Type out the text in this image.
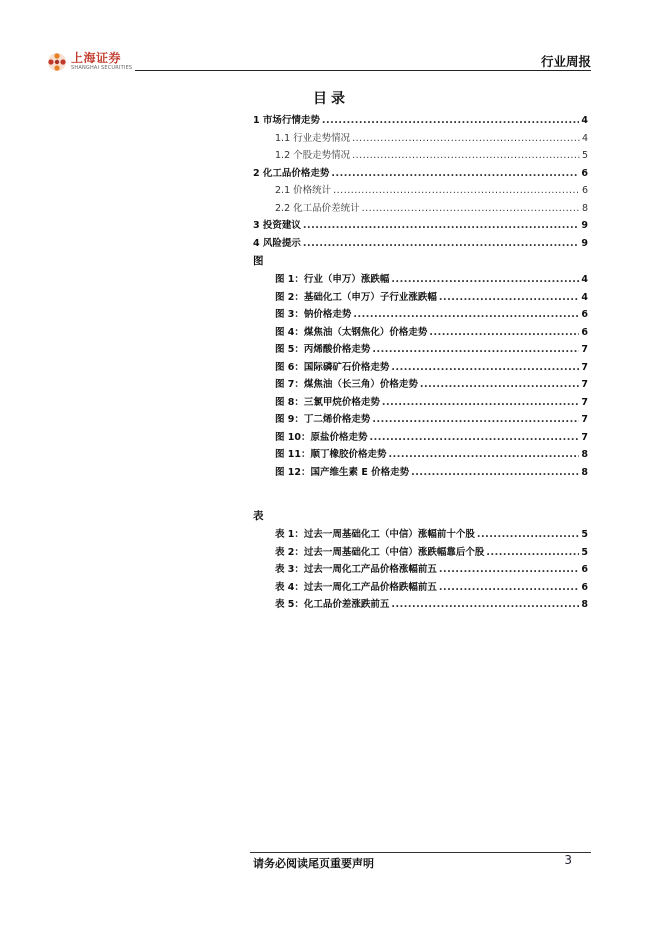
上海证券
SHANGHAI SECURITIES	行业周报
目录
1 市场行情走势 .....	4
1.1 行业走势情况 .....	4
1.2 个股走势情况 .....	5
2 化工品价格走势 .....	6
2.1 价格统计 .....	6
2.2 化工品价差统计 .....	8
3 投资建议 .....	9
4 风险提示 .....	9
图
图 1：行业（申万）涨跌幅 .....	4
图 2：基础化工（申万）子行业涨跌幅 .....	4
图 3：钠价格走势 .....	6
图 4：煤焦油（太钢焦化）价格走势 .....	6
图 5：丙烯酸价格走势 .....	7
图 6：国际磷矿石价格走势 .....	7
图 7：煤焦油（长三角）价格走势 .....	7
图 8：三氯甲烷价格走势 .....	7
图 9：丁二烯价格走势 .....	7
图 10：原盐价格走势 .....	7
图 11：顺丁橡胶价格走势 .....	8
图 12：国产维生素 E 价格走势 .....	8
表
表 1：过去一周基础化工（中信）涨幅前十个股 .....	5
表 2：过去一周基础化工（中信）涨跌幅靠后个股 .....	5
表 3：过去一周化工产品价格涨幅前五 .....	6
表 4：过去一周化工产品价格跌幅前五 .....	6
表 5：化工品价差涨跌前五 .....	8
请务必阅读尾页重要声明	3
